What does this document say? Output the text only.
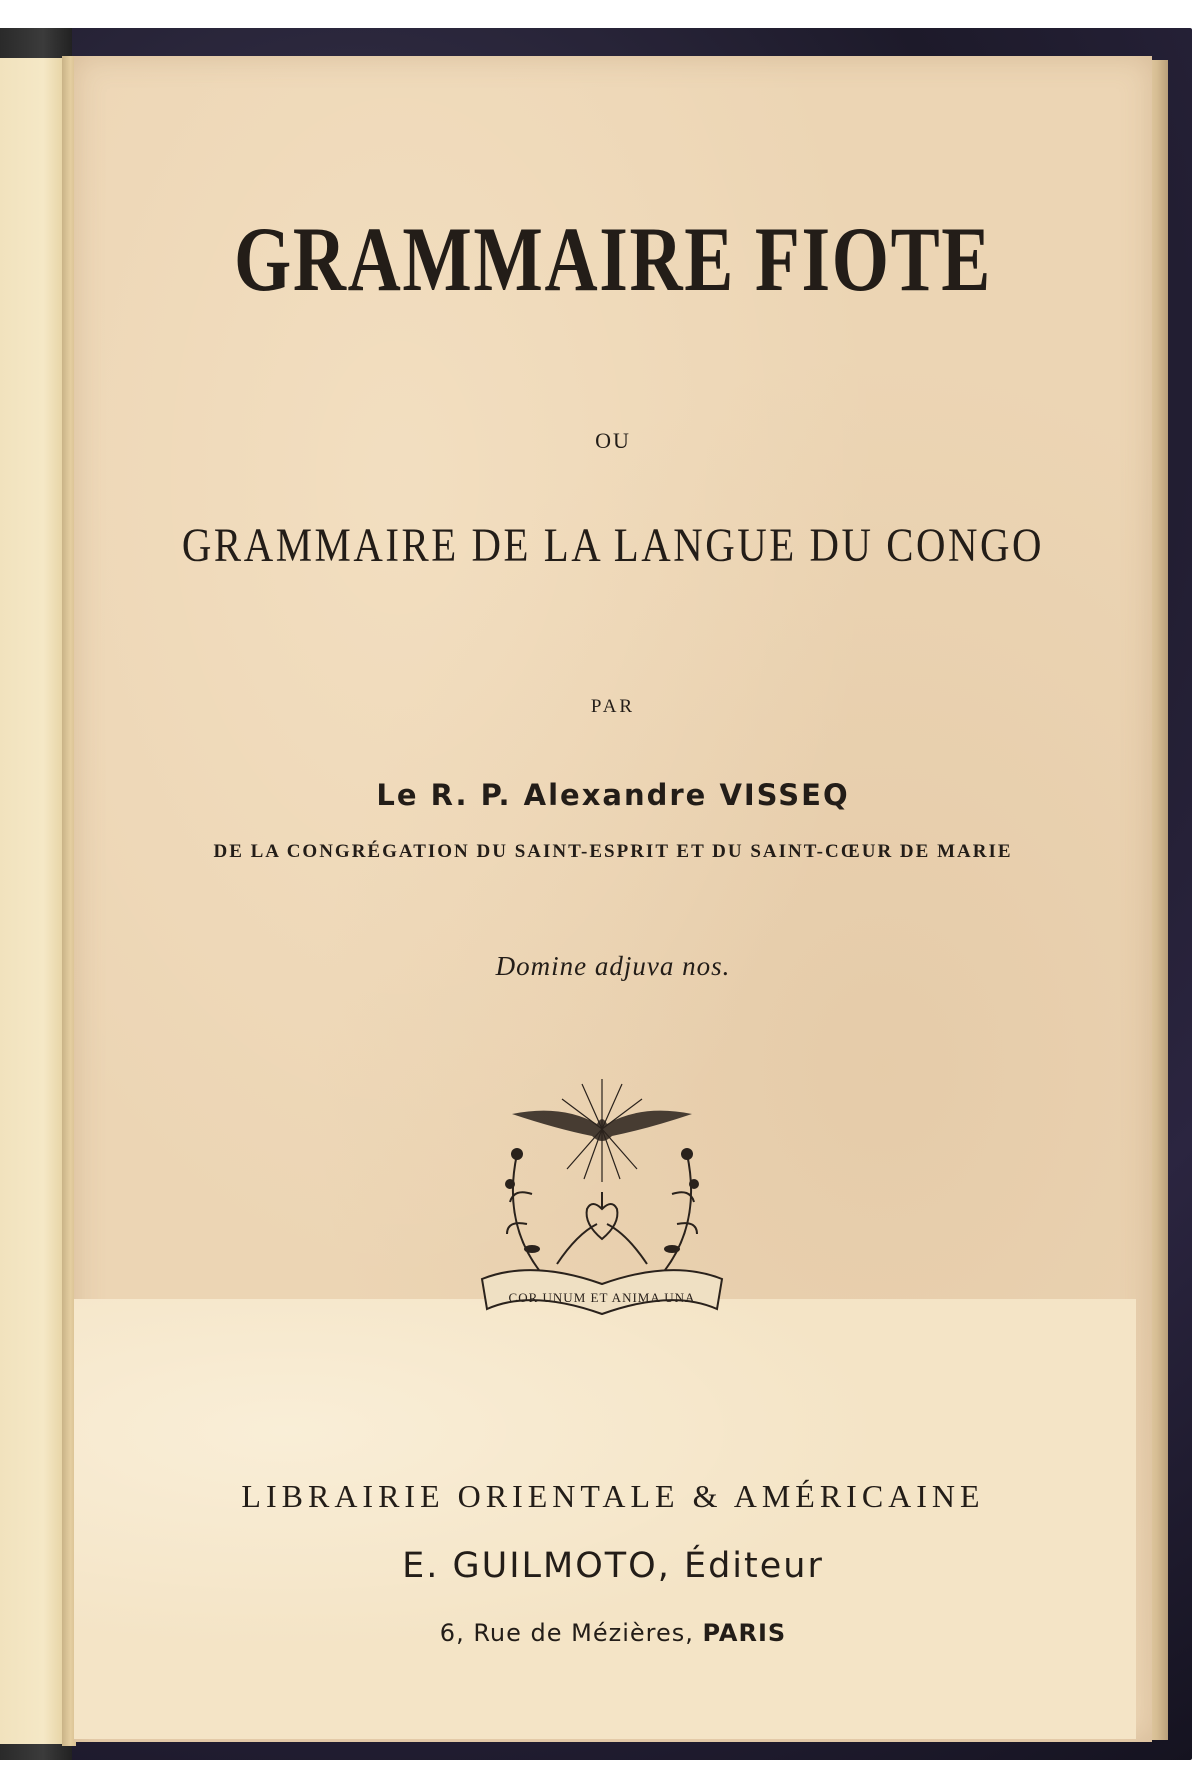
GRAMMAIRE FIOTE
OU
GRAMMAIRE DE LA LANGUE DU CONGO
PAR
Le R. P. Alexandre VISSEQ
DE LA CONGRÉGATION DU SAINT-ESPRIT ET DU SAINT-CŒUR DE MARIE
Domine adjuva nos.
COR UNUM ET ANIMA UNA
LIBRAIRIE ORIENTALE & AMÉRICAINE
E. GUILMOTO, Éditeur
6, Rue de Mézières, PARIS
